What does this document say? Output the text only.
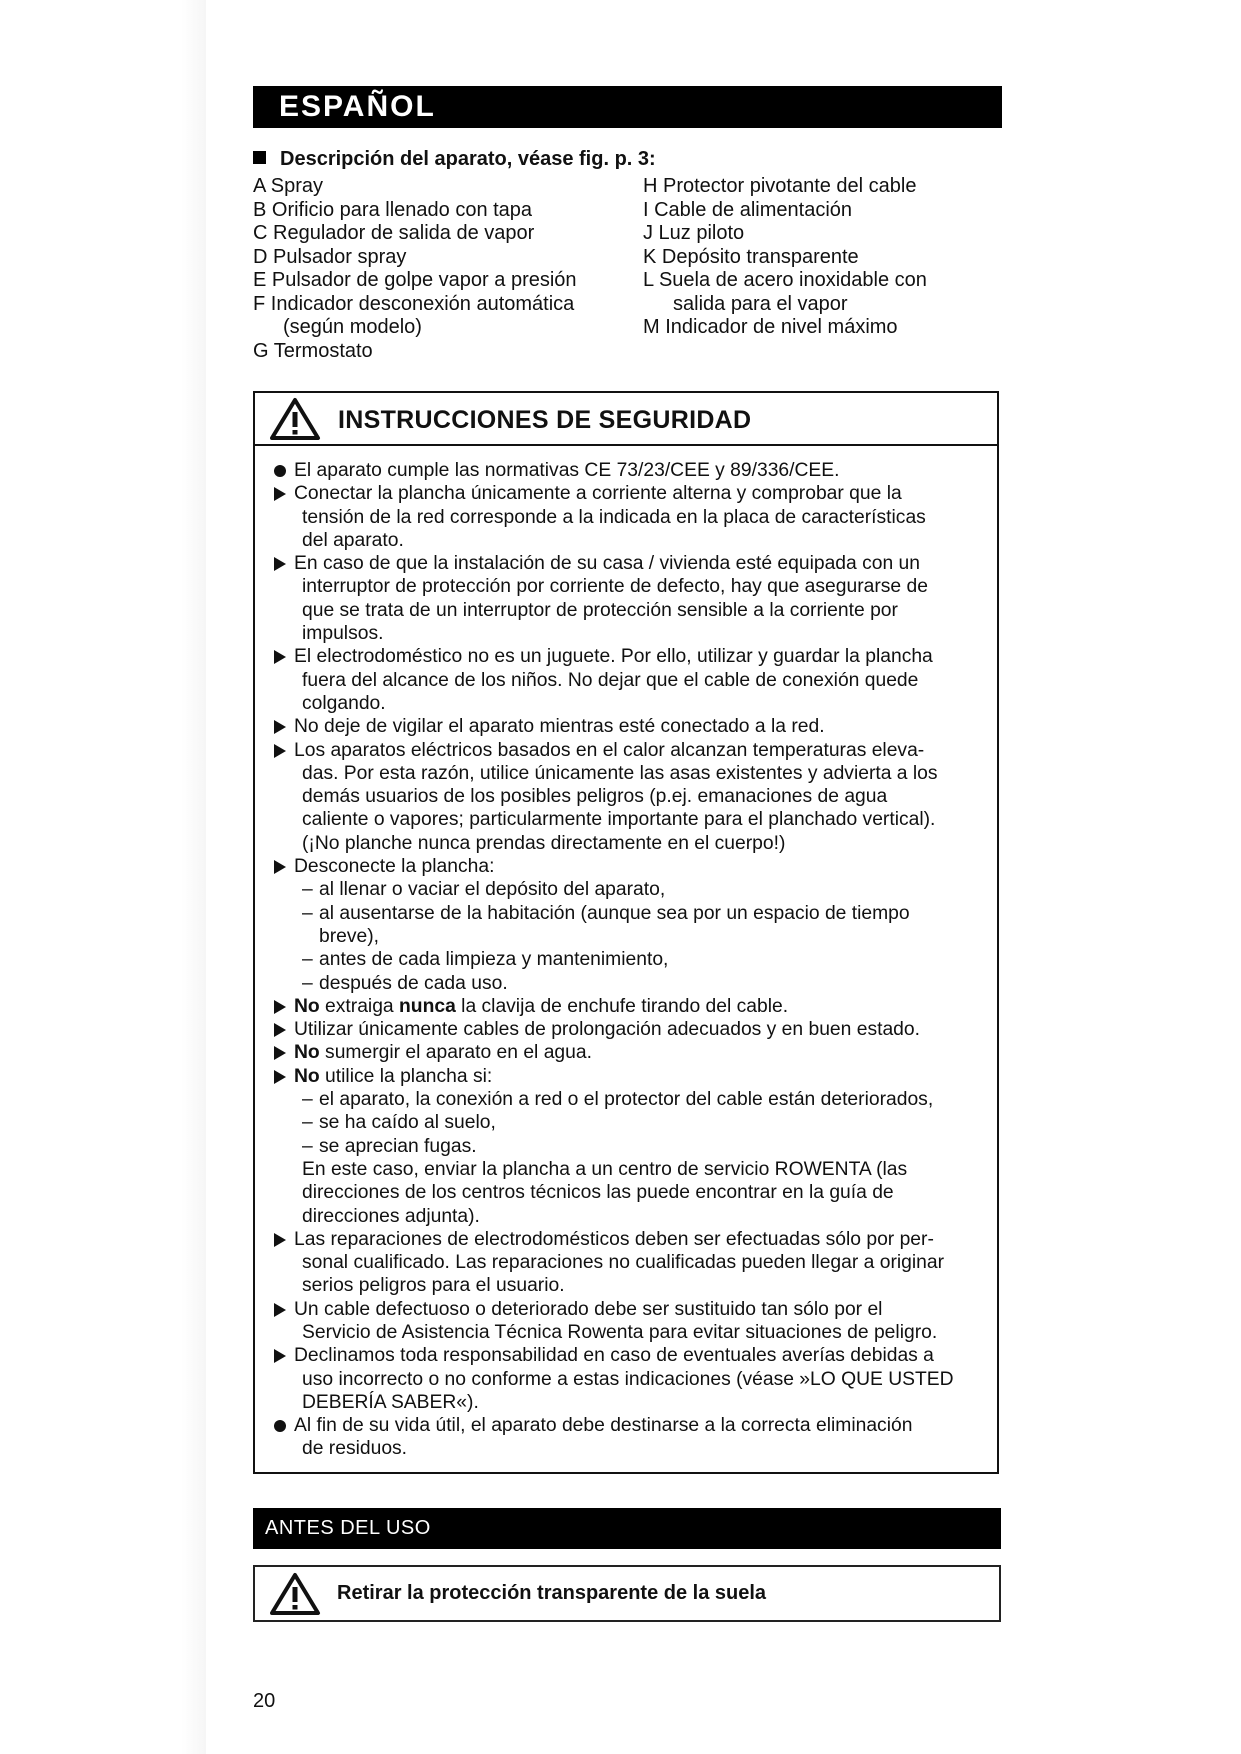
ESPAÑOL
Descripción del aparato, véase fig. p. 3:
A Spray
B Orificio para llenado con tapa
C Regulador de salida de vapor
D Pulsador spray
E Pulsador de golpe vapor a presión
F Indicador desconexión automática
(según modelo)
G Termostato
H Protector pivotante del cable
I Cable de alimentación
J Luz piloto
K Depósito transparente
L Suela de acero inoxidable con
salida para el vapor
M Indicador de nivel máximo
INSTRUCCIONES DE SEGURIDAD
El aparato cumple las normativas CE 73/23/CEE y 89/336/CEE.
Conectar la plancha únicamente a corriente alterna y comprobar que la
tensión de la red corresponde a la indicada en la placa de características
del aparato.
En caso de que la instalación de su casa / vivienda esté equipada con un
interruptor de protección por corriente de defecto, hay que asegurarse de
que se trata de un interruptor de protección sensible a la corriente por
impulsos.
El electrodoméstico no es un juguete. Por ello, utilizar y guardar la plancha
fuera del alcance de los niños. No dejar que el cable de conexión quede
colgando.
No deje de vigilar el aparato mientras esté conectado a la red.
Los aparatos eléctricos basados en el calor alcanzan temperaturas eleva-
das. Por esta razón, utilice únicamente las asas existentes y advierta a los
demás usuarios de los posibles peligros (p.ej. emanaciones de agua
caliente o vapores; particularmente importante para el planchado vertical).
(¡No planche nunca prendas directamente en el cuerpo!)
Desconecte la plancha:
– al llenar o vaciar el depósito del aparato,
– al ausentarse de la habitación (aunque sea por un espacio de tiempo
breve),
– antes de cada limpieza y mantenimiento,
– después de cada uso.
No extraiga nunca la clavija de enchufe tirando del cable.
Utilizar únicamente cables de prolongación adecuados y en buen estado.
No sumergir el aparato en el agua.
No utilice la plancha si:
– el aparato, la conexión a red o el protector del cable están deteriorados,
– se ha caído al suelo,
– se aprecian fugas.
En este caso, enviar la plancha a un centro de servicio ROWENTA (las
direcciones de los centros técnicos las puede encontrar en la guía de
direcciones adjunta).
Las reparaciones de electrodomésticos deben ser efectuadas sólo por per-
sonal cualificado. Las reparaciones no cualificadas pueden llegar a originar
serios peligros para el usuario.
Un cable defectuoso o deteriorado debe ser sustituido tan sólo por el
Servicio de Asistencia Técnica Rowenta para evitar situaciones de peligro.
Declinamos toda responsabilidad en caso de eventuales averías debidas a
uso incorrecto o no conforme a estas indicaciones (véase »LO QUE USTED
DEBERÍA SABER«).
Al fin de su vida útil, el aparato debe destinarse a la correcta eliminación
de residuos.
ANTES DEL USO
Retirar la protección transparente de la suela
20
